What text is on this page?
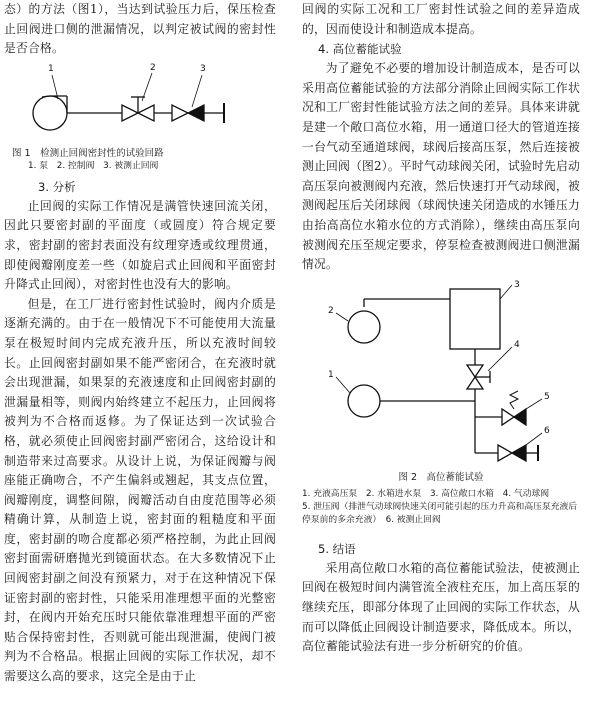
态）的方法（图1），当达到试验压力后，保压检查止回阀进口侧的泄漏情况，以判定被试阀的密封性是否合格。

1	2	3

图 1　检测止回阀密封性的试验回路

1. 泵　2. 控制阀　3. 被测止回阀

3. 分析

止回阀的实际工作情况是满管快速回流关闭，因此只要密封副的平面度（或圆度）符合规定要求，密封副的密封表面没有纹理穿透或纹理贯通，即使阀瓣刚度差一些（如旋启式止回阀和平面密封升降式止回阀），对密封性也没有大的影响。

但是，在工厂进行密封性试验时，阀内介质是逐渐充满的。由于在一般情况下不可能使用大流量泵在极短时间内完成充液升压，所以充液时间较长。止回阀密封副如果不能严密闭合，在充液时就会出现泄漏，如果泵的充液速度和止回阀密封副的泄漏量相等，则阀内始终建立不起压力，止回阀将被判为不合格而返修。为了保证达到一次试验合格，就必须使止回阀密封副严密闭合，这给设计和制造带来过高要求。从设计上说，为保证阀瓣与阀座能正确吻合，不产生偏斜或翘起，其支点位置，阀瓣刚度，调整间隙，阀瓣活动自由度范围等必须精确计算，从制造上说，密封面的粗糙度和平面度，密封副的吻合度都必须严格控制，为此止回阀密封面需研磨抛光到镜面状态。在大多数情况下止回阀密封副之间没有预紧力，对于在这种情况下保证密封副的密封性，只能采用准理想平面的光整密封，在阀内开始充压时只能依靠准理想平面的严密贴合保持密封性，否则就可能出现泄漏，使阀门被判为不合格品。根据止回阀的实际工作状况，却不需要这么高的要求，这完全是由于止

回阀的实际工况和工厂密封性试验之间的差异造成的，因而使设计和制造成本提高。

4. 高位蓄能试验

为了避免不必要的增加设计制造成本，是否可以采用高位蓄能试验的方法部分消除止回阀实际工作状况和工厂密封性能试验方法之间的差异。具体来讲就是建一个敞口高位水箱，用一通道口径大的管道连接一台气动至通道球阀，球阀后接高压泵，然后连接被测止回阀（图2）。平时气动球阀关闭，试验时先启动高压泵向被测阀内充液，然后快速打开气动球阀，被测阀起压后关闭球阀（球阀快速关闭造成的水锤压力由抬高高位水箱水位的方式消除），继续由高压泵向被测阀充压至规定要求，停泵检查被测阀进口侧泄漏情况。

3
2
4
1
5
6

图 2　高位蓄能试验

1. 充液高压泵　2. 水箱进水泵　3. 高位敞口水箱　4. 气动球阀

5. 泄压阀（排泄气动球阀快速关闭可能引起的压力升高和高压泵充液后停泵前的多余充液）　6. 被测止回阀

5. 结语

采用高位敞口水箱的高位蓄能试验法，使被测止回阀在极短时间内满管流全液柱充压，加上高压泵的继续充压，即部分体现了止回阀的实际工作状态，从而可以降低止回阀设计制造要求，降低成本。所以，高位蓄能试验法有进一步分析研究的价值。
